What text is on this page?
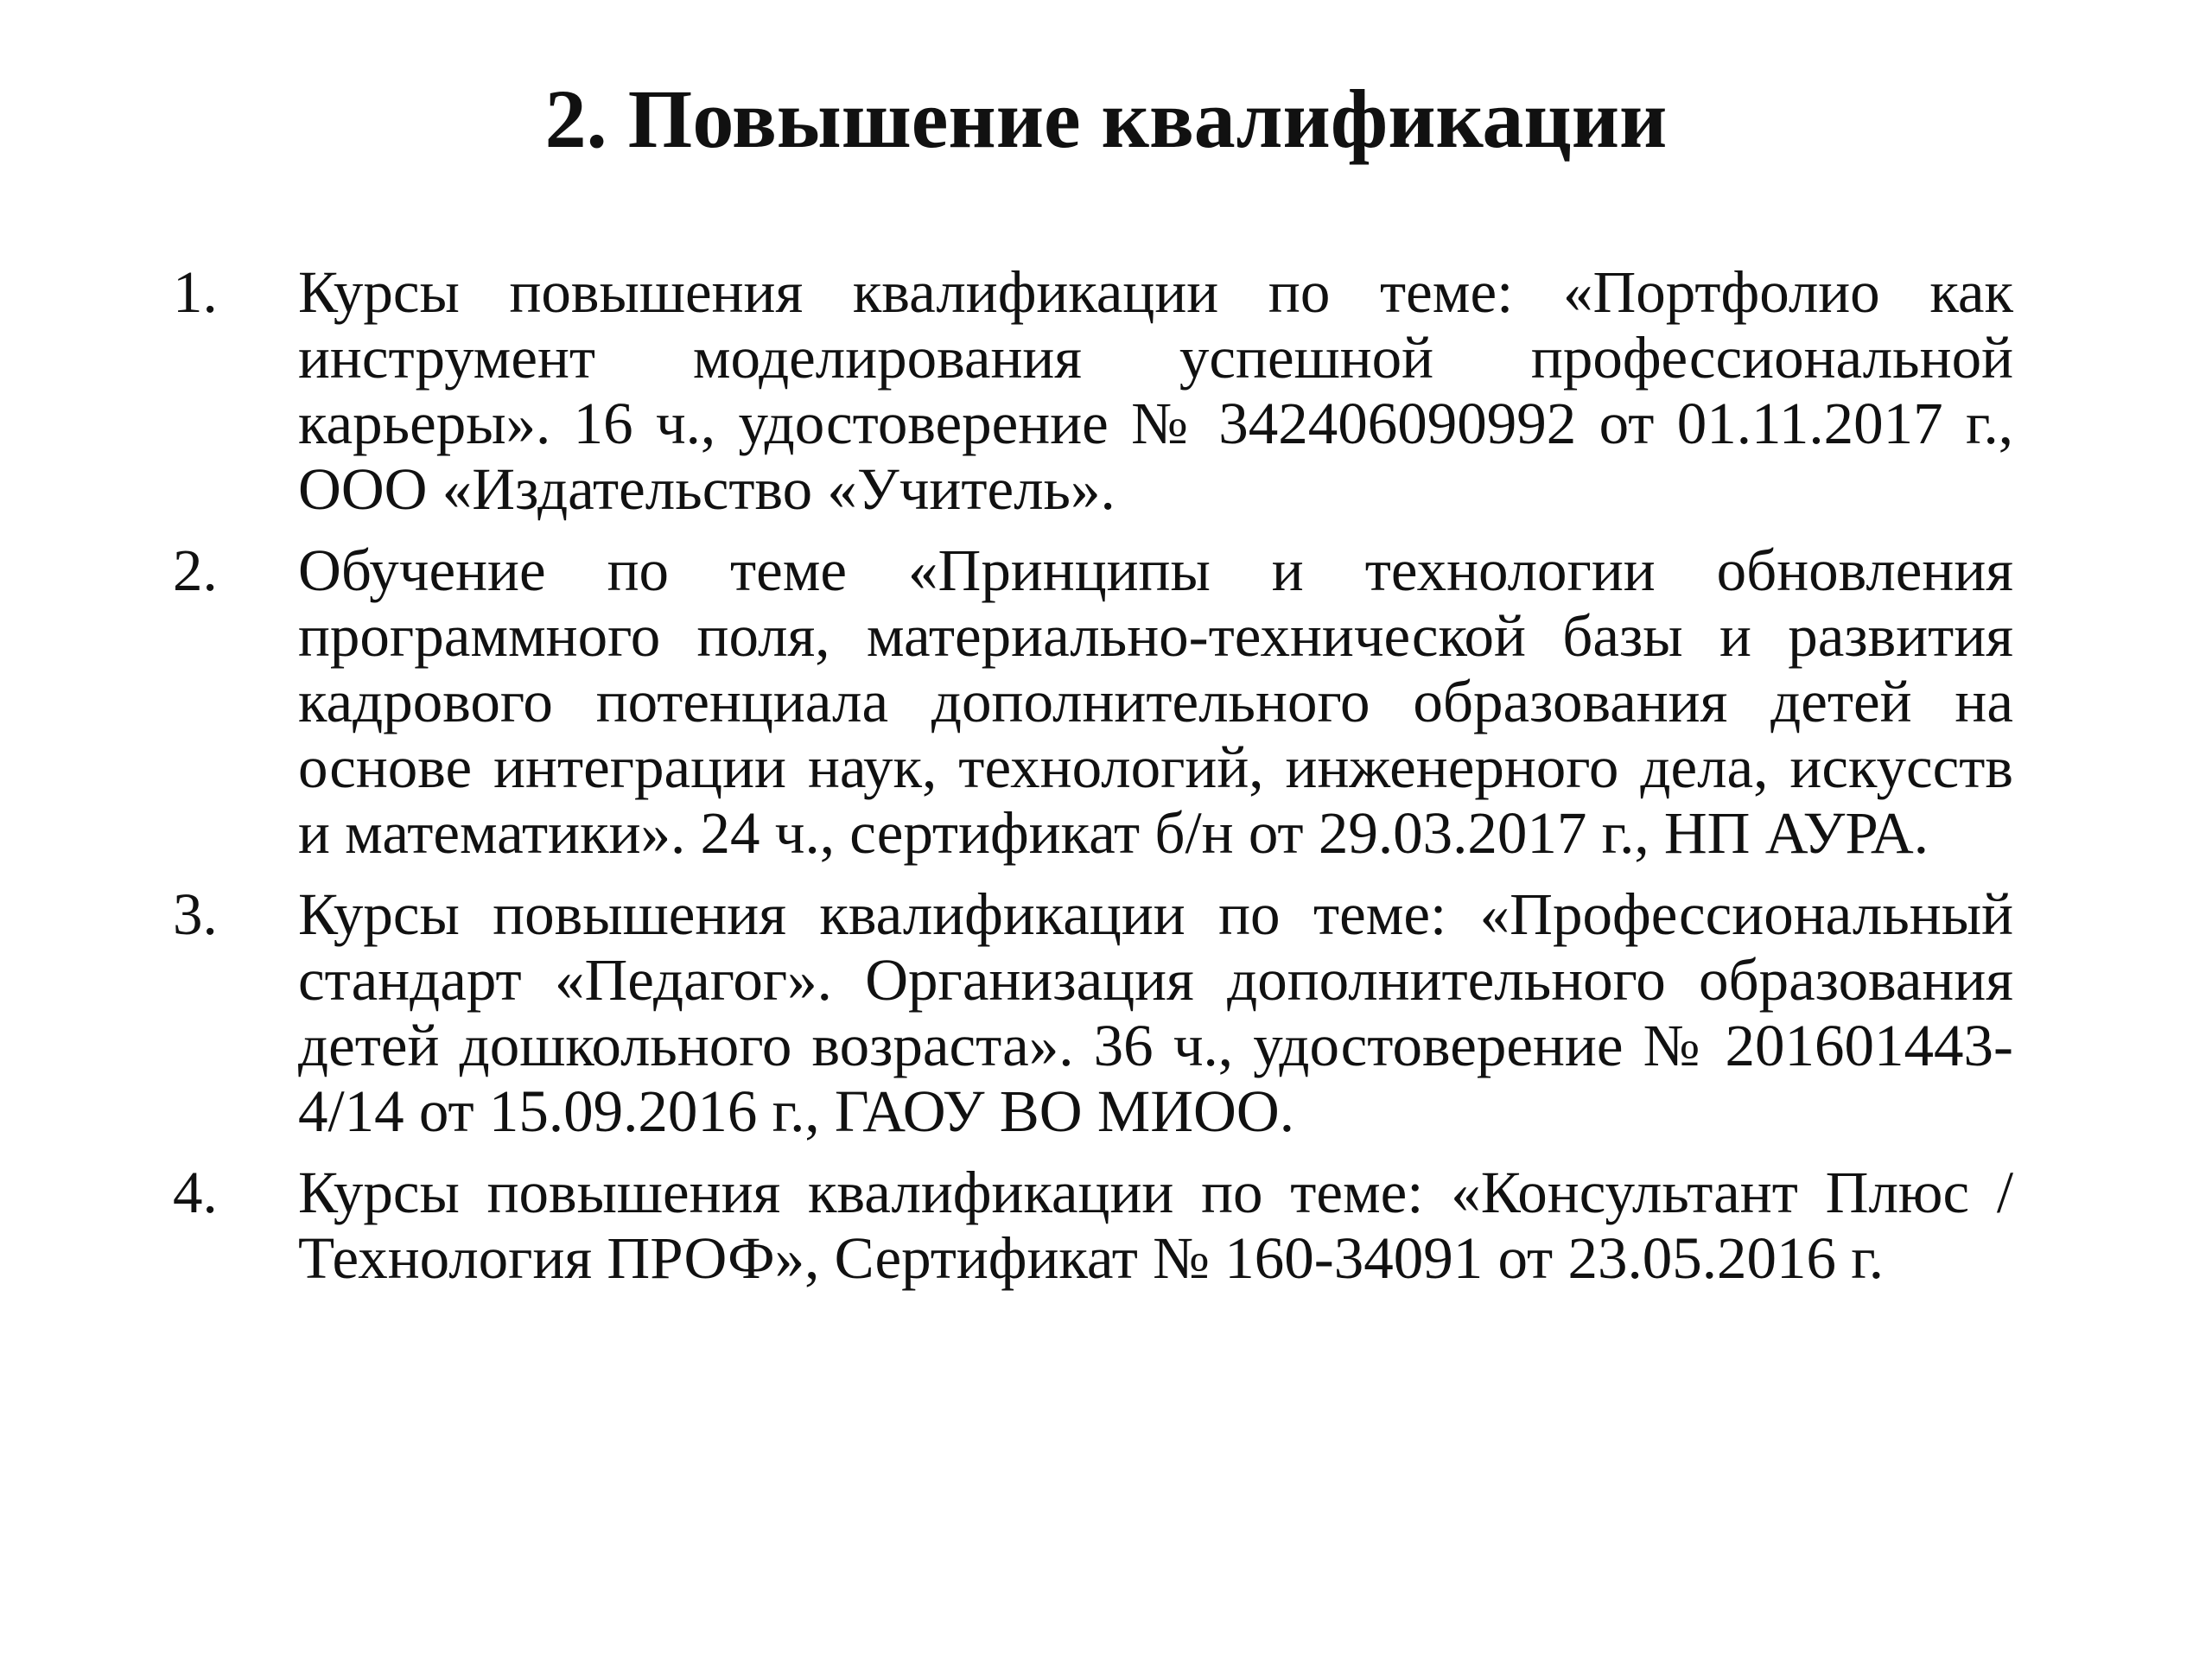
2. Повышение квалификации
1. Курсы повышения квалификации по теме: «Портфолио как инструмент моделирования успешной профессиональной карьеры». 16 ч., удостоверение № 342406090992 от 01.11.2017 г., ООО «Издательство «Учитель».
2. Обучение по теме «Принципы и технологии обновления программного поля, материально-технической базы и развития кадрового потенциала дополнительного образования детей на основе интеграции наук, технологий, инженерного дела, искусств и математики». 24 ч., сертификат б/н от 29.03.2017 г., НП АУРА.
3. Курсы повышения квалификации по теме: «Профессиональный стандарт «Педагог». Организация дополнительного образования детей дошкольного возраста». 36 ч., удостоверение № 201601443-4/14 от 15.09.2016 г., ГАОУ ВО МИОО.
4. Курсы повышения квалификации по теме: «Консультант Плюс / Технология ПРОФ», Сертификат № 160-34091 от 23.05.2016 г.
